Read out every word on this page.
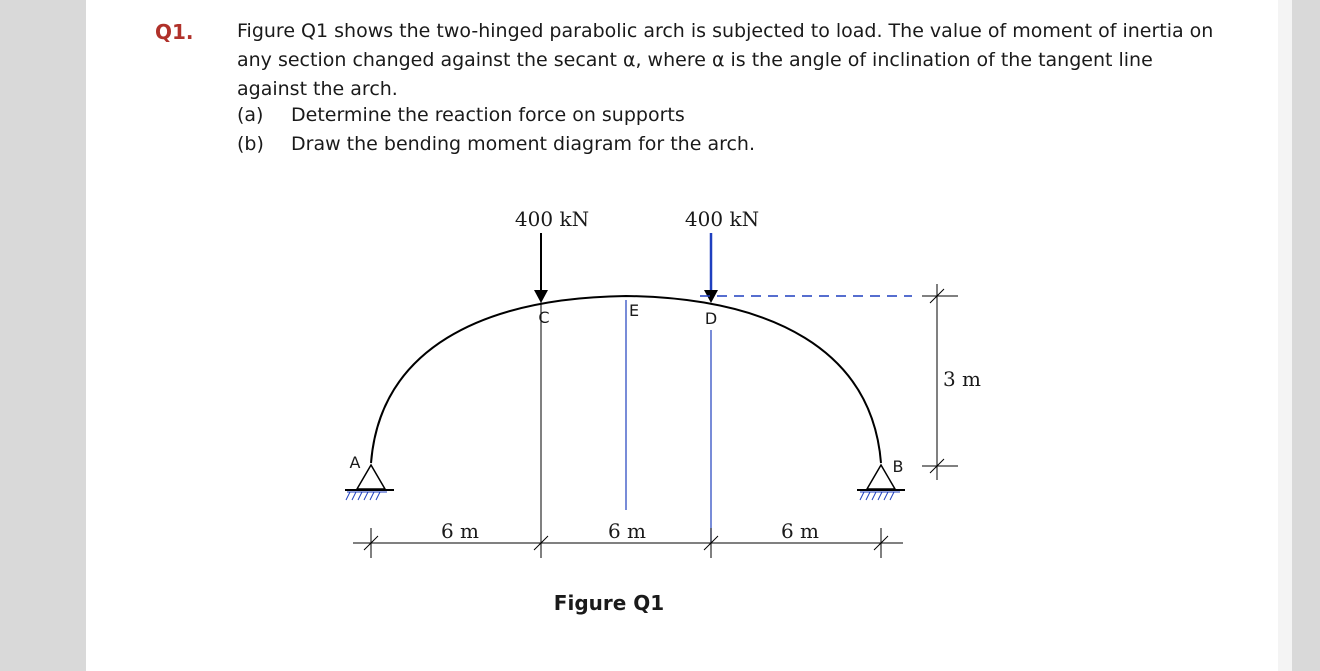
Q1. Figure Q1 shows the two-hinged parabolic arch is subjected to load. The value of moment of inertia on any section changed against the secant α, where α is the angle of inclination of the tangent line against the arch.

(a) Determine the reaction force on supports
(b) Draw the bending moment diagram for the arch.
400 kN	400 kN
A	B
C	D
E
3 m
6 m	6 m	6 m
Figure Q1
